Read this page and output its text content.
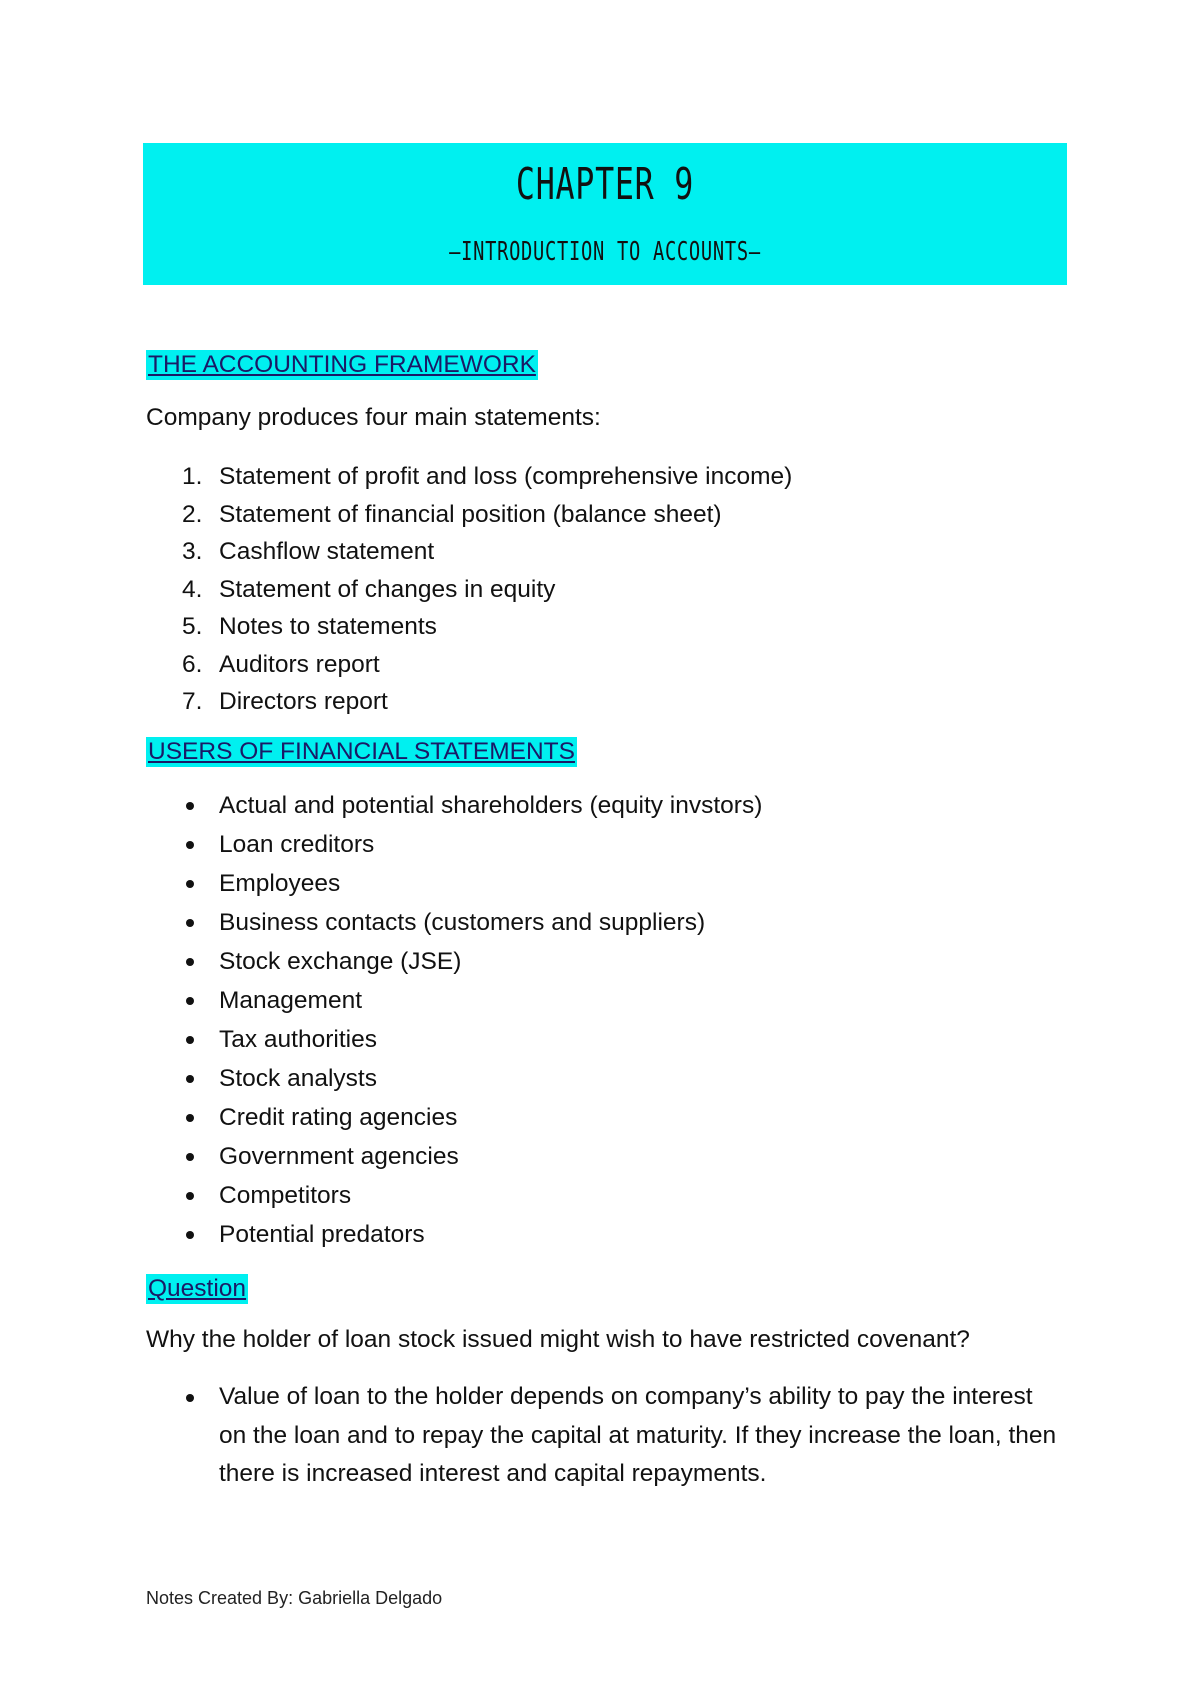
CHAPTER 9
–INTRODUCTION TO ACCOUNTS–
THE ACCOUNTING FRAMEWORK
Company produces four main statements:
1. Statement of profit and loss (comprehensive income)
2. Statement of financial position (balance sheet)
3. Cashflow statement
4. Statement of changes in equity
5. Notes to statements
6. Auditors report
7. Directors report
USERS OF FINANCIAL STATEMENTS
Actual and potential shareholders (equity invstors)
Loan creditors
Employees
Business contacts (customers and suppliers)
Stock exchange (JSE)
Management
Tax authorities
Stock analysts
Credit rating agencies
Government agencies
Competitors
Potential predators
Question
Why the holder of loan stock issued might wish to have restricted covenant?
Value of loan to the holder depends on company’s ability to pay the interest on the loan and to repay the capital at maturity. If they increase the loan, then there is increased interest and capital repayments.
Notes Created By: Gabriella Delgado
